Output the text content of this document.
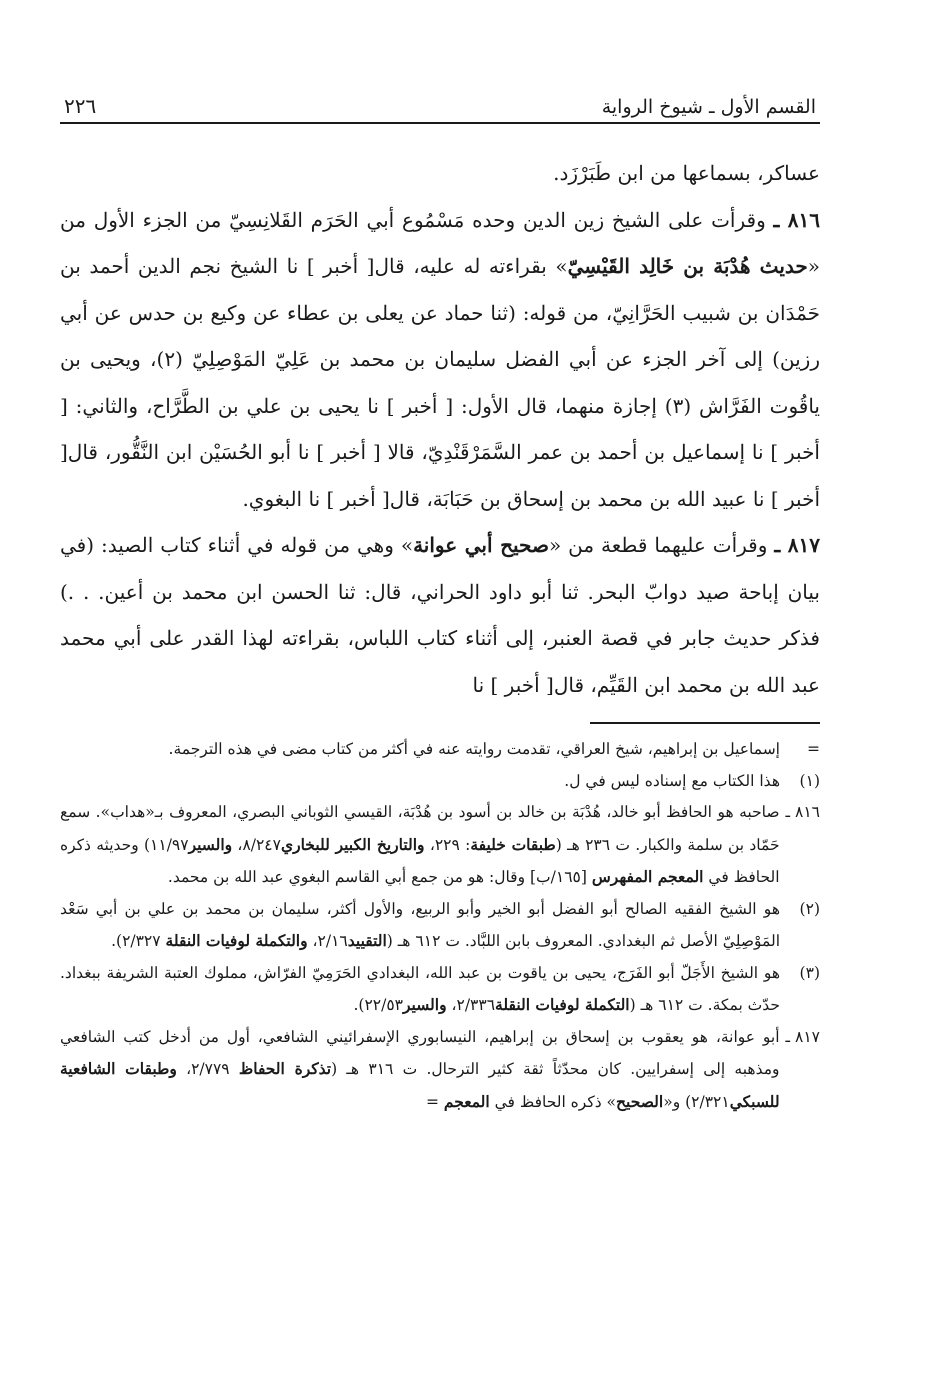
القسم الأول ـ شيوخ الرواية
٢٢٦

عساكر، بسماعها من ابن طَبَرْزَد.

٨١٦ ـ وقرأت على الشيخ زين الدين وحده مَسْمُوع أبي الحَرَم القَلانِسِيّ من الجزء الأول من «حديث هُدْبَة بن خَالِد القَيْسِيّ» بقراءته له عليه، قال[ أخبر ] نا الشيخ نجم الدين أحمد بن حَمْدَان بن شبيب الحَرَّانِيّ، من قوله: (ثنا حماد عن يعلى بن عطاء عن وكيع بن حدس عن أبي رزين) إلى آخر الجزء عن أبي الفضل سليمان بن محمد بن عَلِيّ المَوْصِلِيّ (٢)، ويحيى بن ياقُوت الفَرَّاش (٣) إجازة منهما، قال الأول: [ أخبر ] نا يحيى بن علي بن الطَّرَّاح، والثاني: [ أخبر ] نا إسماعيل بن أحمد بن عمر السَّمَرْقَنْدِيّ، قالا [ أخبر ] نا أبو الحُسَيْن ابن النَّقُّور، قال[ أخبر ] نا عبيد الله بن محمد بن إسحاق بن حَبَابَة، قال[ أخبر ] نا البغوي.

٨١٧ ـ وقرأت عليهما قطعة من «صحيح أبي عوانة» وهي من قوله في أثناء كتاب الصيد: (في بيان إباحة صيد دوابّ البحر. ثنا أبو داود الحراني، قال: ثنا الحسن ابن محمد بن أعين. . .) فذكر حديث جابر في قصة العنبر، إلى أثناء كتاب اللباس، بقراءته لهذا القدر على أبي محمد عبد الله بن محمد ابن القَيِّم، قال[ أخبر ] نا

=
إسماعيل بن إبراهيم، شيخ العراقي، تقدمت روايته عنه في أكثر من كتاب مضى في هذه الترجمة.
(١)
هذا الكتاب مع إسناده ليس في ل.
٨١٦ ـ
صاحبه هو الحافظ أبو خالد، هُدْبَة بن خالد بن أسود بن هُدْبَة، القيسي الثوباني البصري، المعروف بـ«هداب». سمع حَمّاد بن سلمة والكبار. ت ٢٣٦ هـ (طبقات خليفة: ٢٢٩، والتاريخ الكبير للبخاري٨/٢٤٧، والسير١١/٩٧) وحديثه ذكره الحافظ في المعجم المفهرس [١٦٥/ب] وقال: هو من جمع أبي القاسم البغوي عبد الله بن محمد.
(٢)
هو الشيخ الفقيه الصالح أبو الفضل أبو الخير وأبو الربيع، والأول أكثر، سليمان بن محمد بن علي بن أبي سَعْد المَوْصِلِيّ الأصل ثم البغدادي. المعروف بابن اللبَّاد. ت ٦١٢ هـ (التقييد٢/١٦، والتكملة لوفيات النقلة ٢/٣٢٧).
(٣)
هو الشيخ الأَجَلّ أبو الفَرَج، يحيى بن ياقوت بن عبد الله، البغدادي الحَرَمِيّ الفرّاش، مملوك العتبة الشريفة ببغداد. حدّث بمكة. ت ٦١٢ هـ (التكملة لوفيات النقلة٢/٣٣٦، والسير٢٢/٥٣).
٨١٧ ـ
أبو عوانة، هو يعقوب بن إسحاق بن إبراهيم، النيسابوري الإسفرائيني الشافعي، أول من أدخل كتب الشافعي ومذهبه إلى إسفرايين. كان محدّثاً ثقة كثير الترحال. ت ٣١٦ هـ (تذكرة الحفاظ ٢/٧٧٩، وطبقات الشافعية للسبكي٢/٣٢١) و«الصحيح» ذكره الحافظ في المعجم =
